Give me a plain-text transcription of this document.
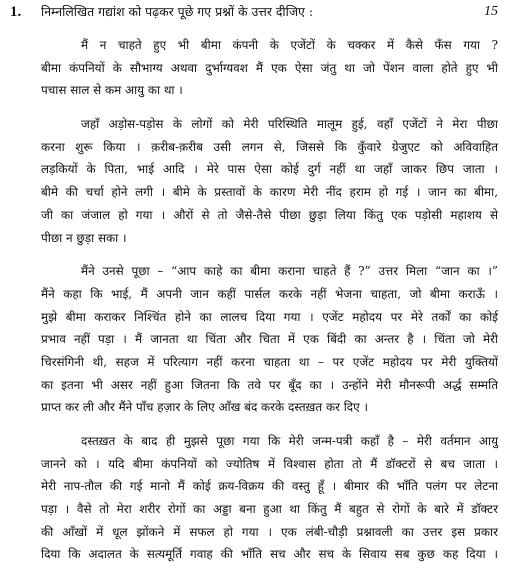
1. निम्नलिखित गद्यांश को पढ़कर पूछे गए प्रश्नों के उत्तर दीजिए :	15
मैं न चाहते हुए भी बीमा कंपनी के एजेंटों के चक्कर में कैसे फँस गया ?
बीमा कंपनियों के सौभाग्य अथवा दुर्भाग्यवश मैं एक ऐसा जंतु था जो पेंशन वाला होते हुए भी
पचास साल से कम आयु का था ।
जहाँ अड़ोस-पड़ोस के लोगों को मेरी परिस्थिति मालूम हुई, वहाँ एजेंटों ने मेरा पीछा
करना शुरू किया । क़रीब-क़रीब उसी लगन से, जिससे कि कुँवारे ग्रेजुएट को अविवाहित
लड़कियों के पिता, भाई आदि । मेरे पास ऐसा कोई दुर्ग नहीं था जहाँ जाकर छिप जाता ।
बीमे की चर्चा होने लगी । बीमे के प्रस्तावों के कारण मेरी नींद हराम हो गई । जान का बीमा,
जी का जंजाल हो गया । औरों से तो जैसे-तैसे पीछा छुड़ा लिया किंतु एक पड़ोसी महाशय से
पीछा न छुड़ा सका ।
मैंने उनसे पूछा – “आप काहे का बीमा कराना चाहते हैं ?” उत्तर मिला “जान का ।”
मैंने कहा कि भाई, मैं अपनी जान कहीं पार्सल करके नहीं भेजना चाहता, जो बीमा कराऊँ ।
मुझे बीमा कराकर निश्चिंत होने का लालच दिया गया । एजेंट महोदय पर मेरे तर्कों का कोई
प्रभाव नहीं पड़ा । मैं जानता था चिंता और चिता में एक बिंदी का अन्तर है । चिंता जो मेरी
चिरसंगिनी थी, सहज में परित्याग नहीं करना चाहता था – पर एजेंट महोदय पर मेरी युक्तियों
का इतना भी असर नहीं हुआ जितना कि तवे पर बूँद का । उन्होंने मेरी मौनरूपी अर्द्ध सम्मति
प्राप्त कर ली और मैंने पाँच हज़ार के लिए आँख बंद करके दस्तख़त कर दिए ।
दस्तख़त के बाद ही मुझसे पूछा गया कि मेरी जन्म-पत्री कहाँ है – मेरी वर्तमान आयु
जानने को । यदि बीमा कंपनियों को ज्योतिष में विश्वास होता तो मैं डॉक्टरों से बच जाता ।
मेरी नाप-तौल की गई मानो मैं कोई क्रय-विक्रय की वस्तु हूँ । बीमार की भाँति पलंग पर लेटना
पड़ा । वैसे तो मेरा शरीर रोगों का अड्डा बना हुआ था किंतु मैं बहुत से रोगों के बारे में डॉक्टर
की आँखों में धूल झोंकने में सफल हो गया । एक लंबी-चौड़ी प्रश्नावली का उत्तर इस प्रकार
दिया कि अदालत के सत्यमूर्ति गवाह की भाँति सच और सच के सिवाय सब कुछ कह दिया ।
